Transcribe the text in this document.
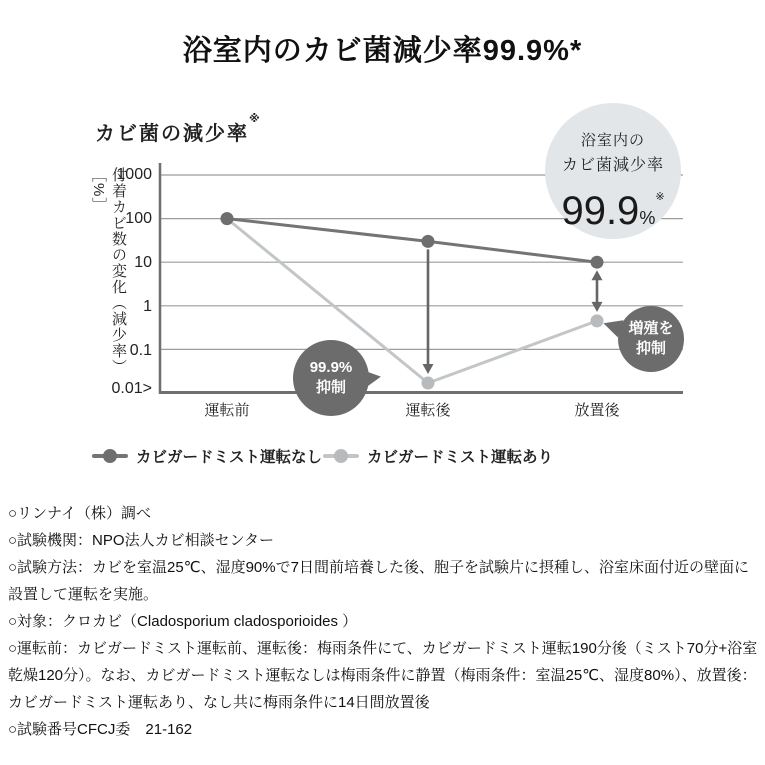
浴室内のカビ菌減少率99.9%*
カビ菌の減少率※
付着カビ数の変化（減少率）［%］ 1000
100
10
1
0.1
0.01>
運転前	運転後	放置後
浴室内の
カビ菌減少率
99.9%※
99.9%
抑制
増殖を
抑制
カビガードミスト運転なし	カビガードミスト運転あり
○リンナイ（株）調べ
○試験機関：NPO法人カビ相談センター
○試験方法：カビを室温25℃、湿度90%で7日間前培養した後、胞子を試験片に摂種し、浴室床面付近の壁面に設置して運転を実施。
○対象：クロカビ（Cladosporium cladosporioides ）
○運転前：カビガードミスト運転前、運転後：梅雨条件にて、カビガードミスト運転190分後（ミスト70分+浴室乾燥120分）。なお、カビガードミスト運転なしは梅雨条件に静置（梅雨条件：室温25℃、湿度80%）、放置後：カビガードミスト運転あり、なし共に梅雨条件に14日間放置後
○試験番号CFCJ委　21-162
